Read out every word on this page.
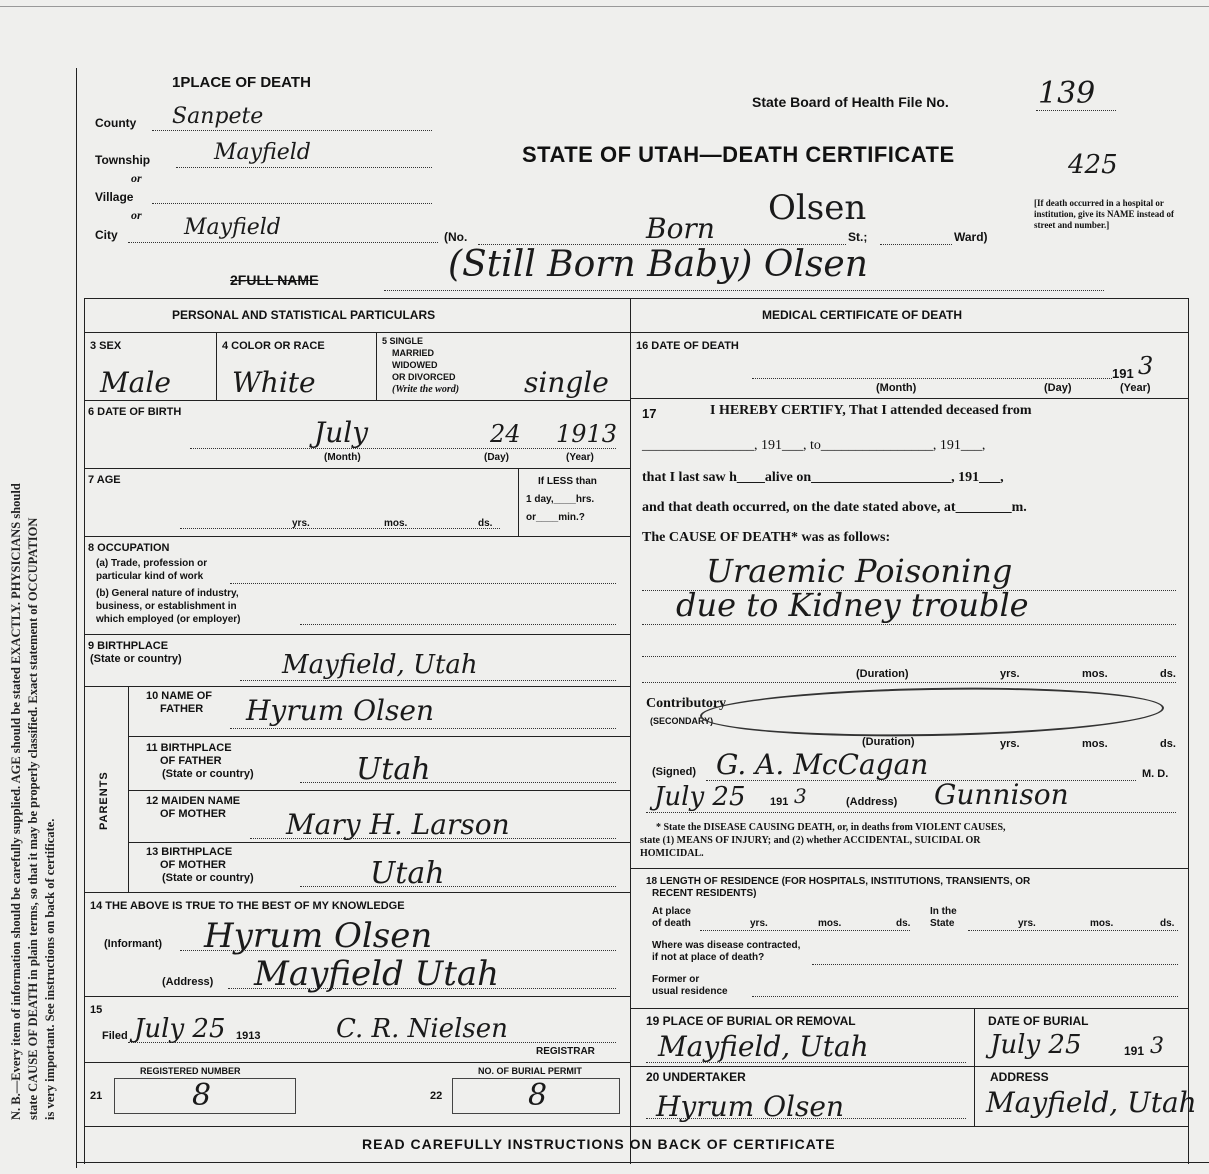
N. B.—Every item of information should be carefully supplied. AGE should be stated EXACTLY. PHYSICIANS should state CAUSE OF DEATH in plain terms, so that it may be properly classified. Exact statement of OCCUPATION is very important. See instructions on back of certificate.
1PLACE OF DEATH
State Board of Health File No.	139
County Sanpete
STATE OF UTAH—DEATH CERTIFICATE	425
Township	Mayfield
or
Village
or
City	Mayfield	(No.	Born
Olsen
St.;	Ward)
[If death occurred in a hospital or institution, give its NAME instead of street and number.]
2FULL NAME	(Still Born Baby) Olsen
PERSONAL AND STATISTICAL PARTICULARS
3 SEX
Male
4 COLOR OR RACE
White
5 SINGLE
MARRIED
WIDOWED
OR DIVORCED
(Write the word) single
6 DATE OF BIRTH
July	24 1913
(Month)	(Day)	(Year)
7 AGE
yrs.	mos.	ds.
If LESS than
1 day,____hrs.
or____min.?
8 OCCUPATION
(a) Trade, profession or
particular kind of work
(b) General nature of industry,
business, or establishment in
which employed (or employer)
9 BIRTHPLACE
(State or country)	Mayfield, Utah
PARENTS
10 NAME OF
FATHER Hyrum Olsen
11 BIRTHPLACE
OF FATHER
(State or country)	Utah
12 MAIDEN NAME
OF MOTHER Mary H. Larson
13 BIRTHPLACE
OF MOTHER
(State or country)	Utah
14 THE ABOVE IS TRUE TO THE BEST OF MY KNOWLEDGE
(Informant) Hyrum Olsen
(Address) Mayfield Utah
15
Filed July 25 1913	C. R. Nielsen
REGISTRAR
21
REGISTERED NUMBER
8	22
NO. OF BURIAL PERMIT
8
MEDICAL CERTIFICATE OF DEATH
16 DATE OF DEATH
191 3
(Month)	(Day)	(Year)
17	I HEREBY CERTIFY, That I attended deceased from
________________, 191___, to________________, 191___,
that I last saw h____alive on____________________, 191___,
and that death occurred, on the date stated above, at________m.
The CAUSE OF DEATH* was as follows:
Uraemic Poisoning
due to Kidney trouble
(Duration)	yrs.	mos.	ds.
Contributory
(SECONDARY)
(Duration)	yrs.	mos.	ds.
(Signed) G. A. McCagan	M. D.
July 25 191 3	(Address) Gunnison
* State the DISEASE CAUSING DEATH, or, in deaths from VIOLENT CAUSES,
state (1) MEANS OF INJURY; and (2) whether ACCIDENTAL, SUICIDAL OR
HOMICIDAL.
18 LENGTH OF RESIDENCE (FOR HOSPITALS, INSTITUTIONS, TRANSIENTS, OR
RECENT RESIDENTS)
At place
of death	yrs.	mos.	ds.
In the
State	yrs.	mos.	ds.
Where was disease contracted,
if not at place of death?
Former or
usual residence
19 PLACE OF BURIAL OR REMOVAL
Mayfield, Utah
DATE OF BURIAL
July 25	191 3
20 UNDERTAKER
Hyrum Olsen
ADDRESS
Mayfield, Utah
READ CAREFULLY INSTRUCTIONS ON BACK OF CERTIFICATE
